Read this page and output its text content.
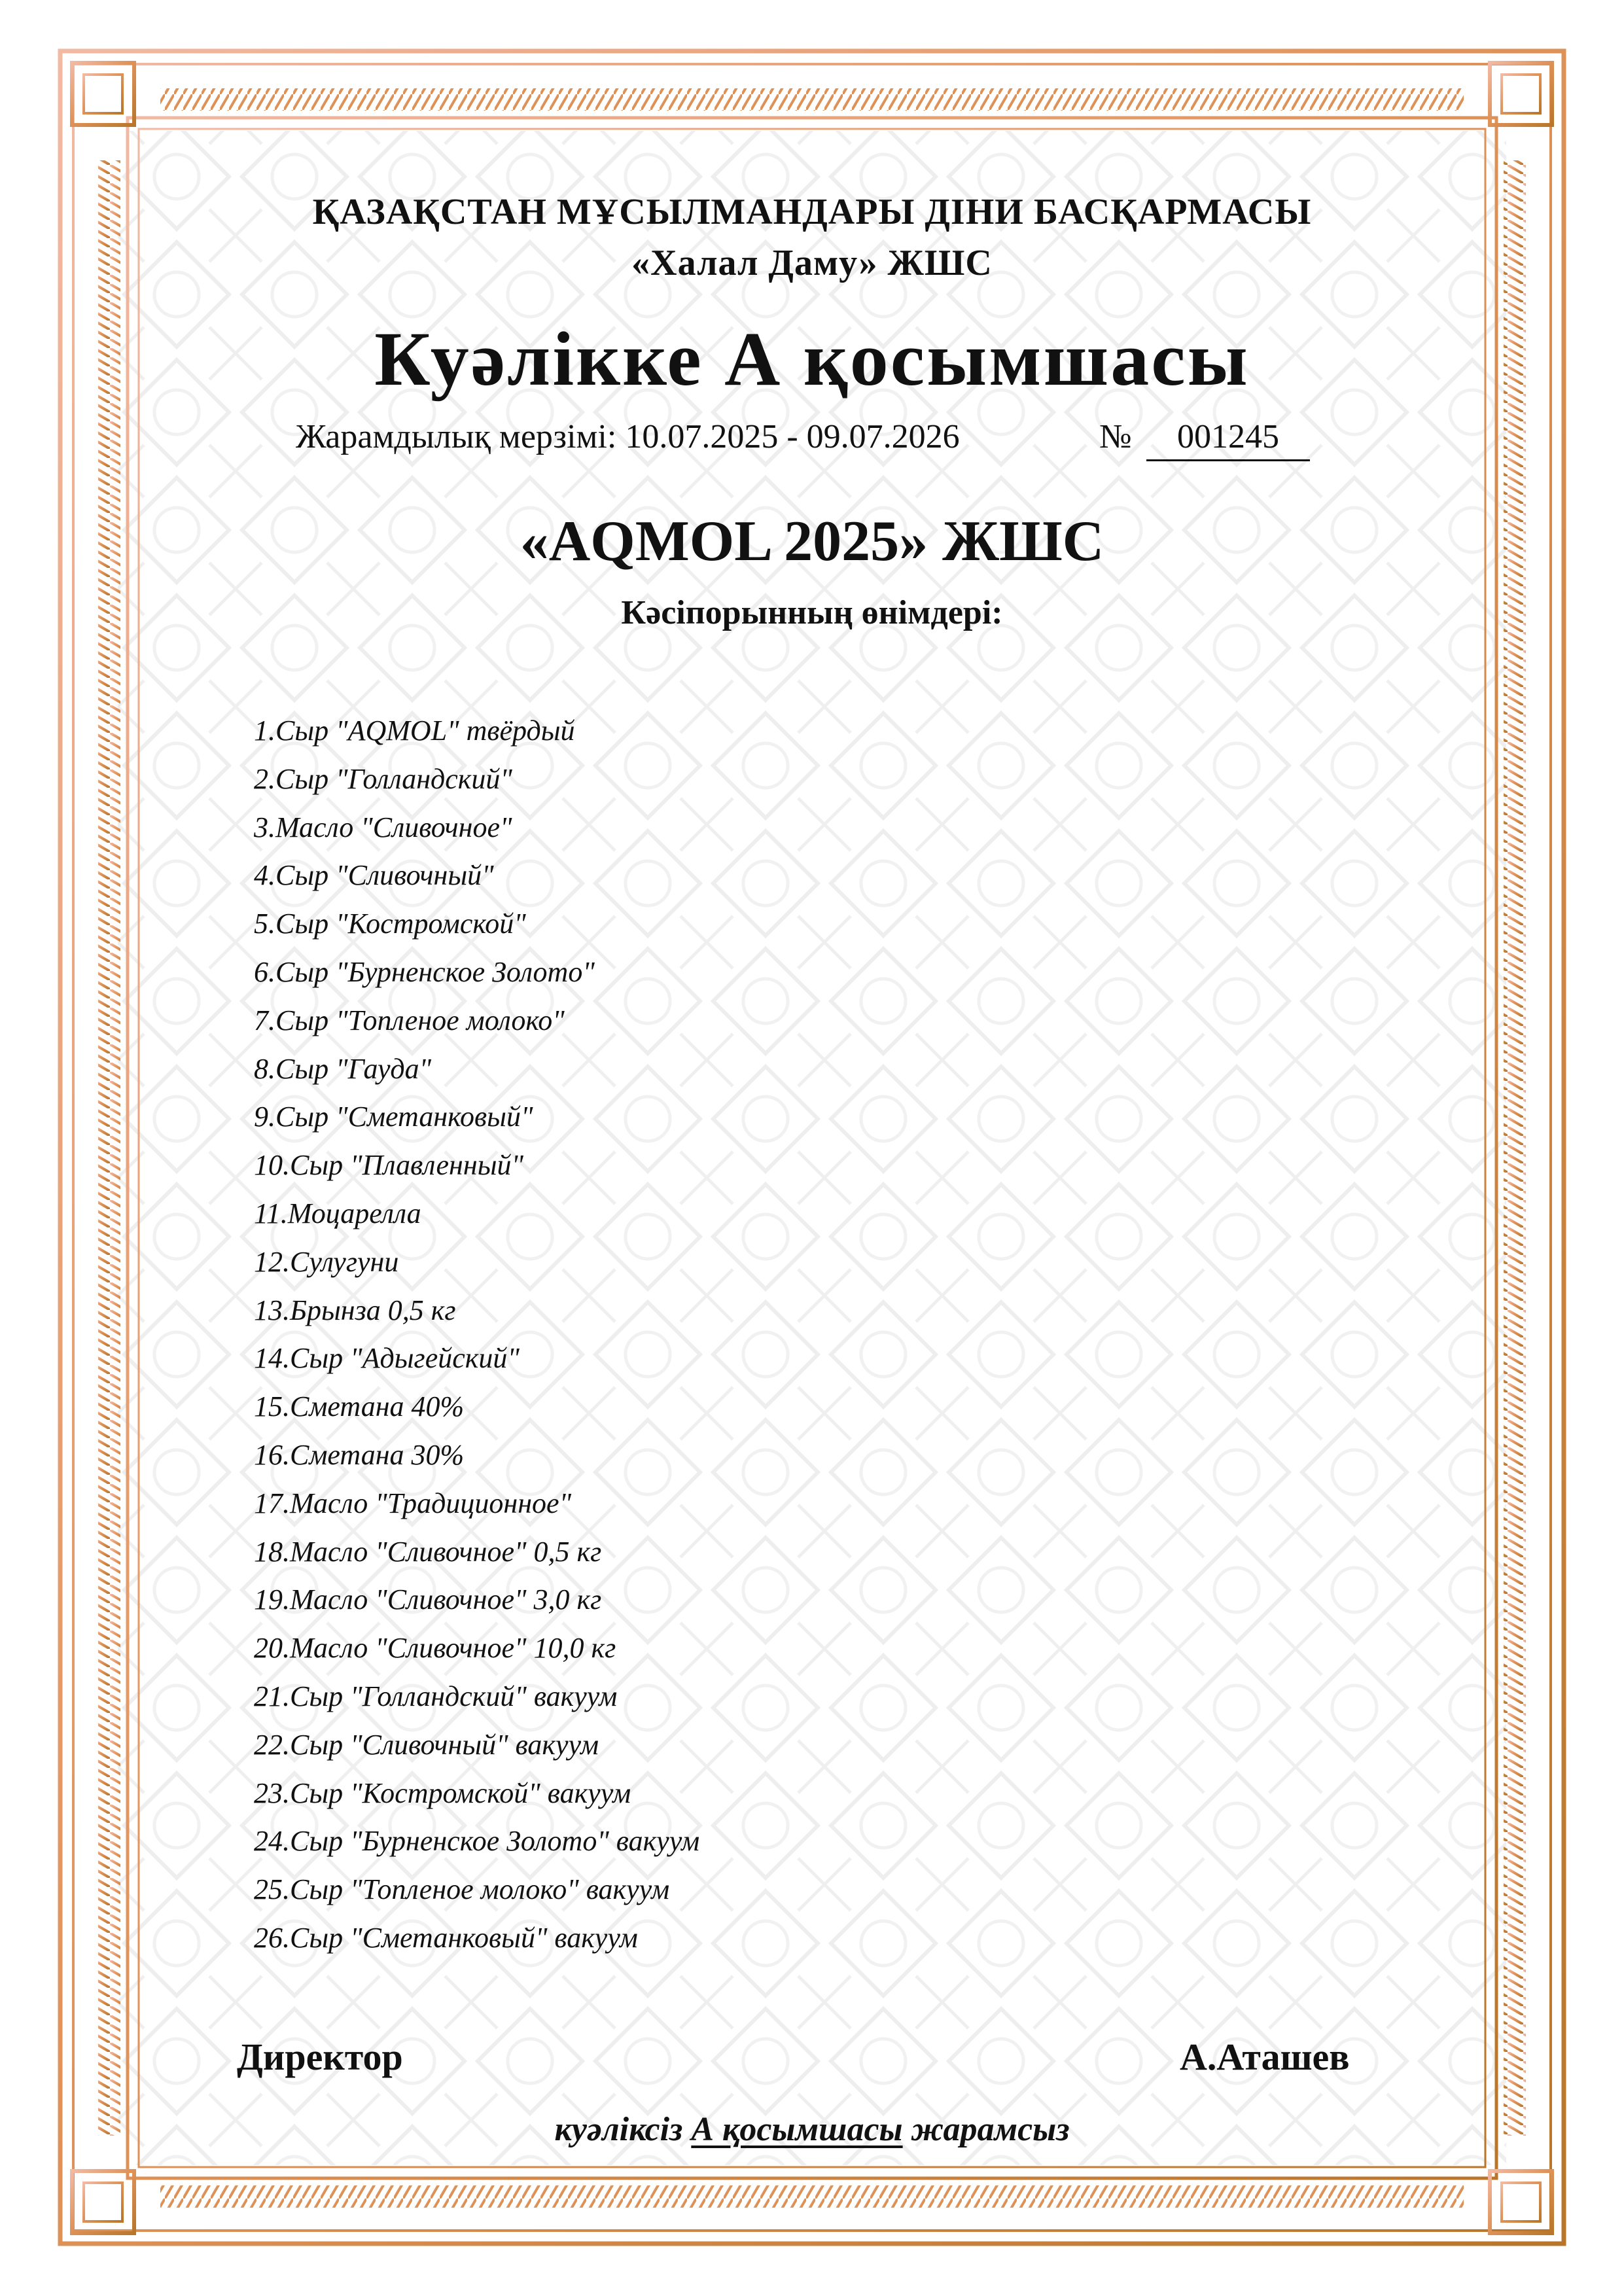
ҚАЗАҚСТАН МҰСЫЛМАНДАРЫ ДІНИ БАСҚАРМАСЫ
«Халал Даму» ЖШС
Куәлікке А қосымшасы
Жарамдылық мерзімі: 10.07.2025 - 09.07.2026	№	001245
«AQMOL 2025» ЖШС
Кәсіпорынның өнімдері:
1.Сыр "AQMOL" твёрдый
2.Сыр "Голландский"
3.Масло "Сливочное"
4.Сыр "Сливочный"
5.Сыр "Костромской"
6.Сыр "Бурненское Золото"
7.Сыр "Топленое молоко"
8.Сыр "Гауда"
9.Сыр "Сметанковый"
10.Сыр "Плавленный"
11.Моцарелла
12.Сулугуни
13.Брынза 0,5 кг
14.Сыр "Адыгейский"
15.Сметана 40%
16.Сметана 30%
17.Масло "Традиционное"
18.Масло "Сливочное" 0,5 кг
19.Масло "Сливочное" 3,0 кг
20.Масло "Сливочное" 10,0 кг
21.Сыр "Голландский" вакуум
22.Сыр "Сливочный" вакуум
23.Сыр "Костромской" вакуум
24.Сыр "Бурненское Золото" вакуум
25.Сыр "Топленое молоко" вакуум
26.Сыр "Сметанковый" вакуум
Директор	А.Аташев
куәліксіз А қосымшасы жарамсыз
